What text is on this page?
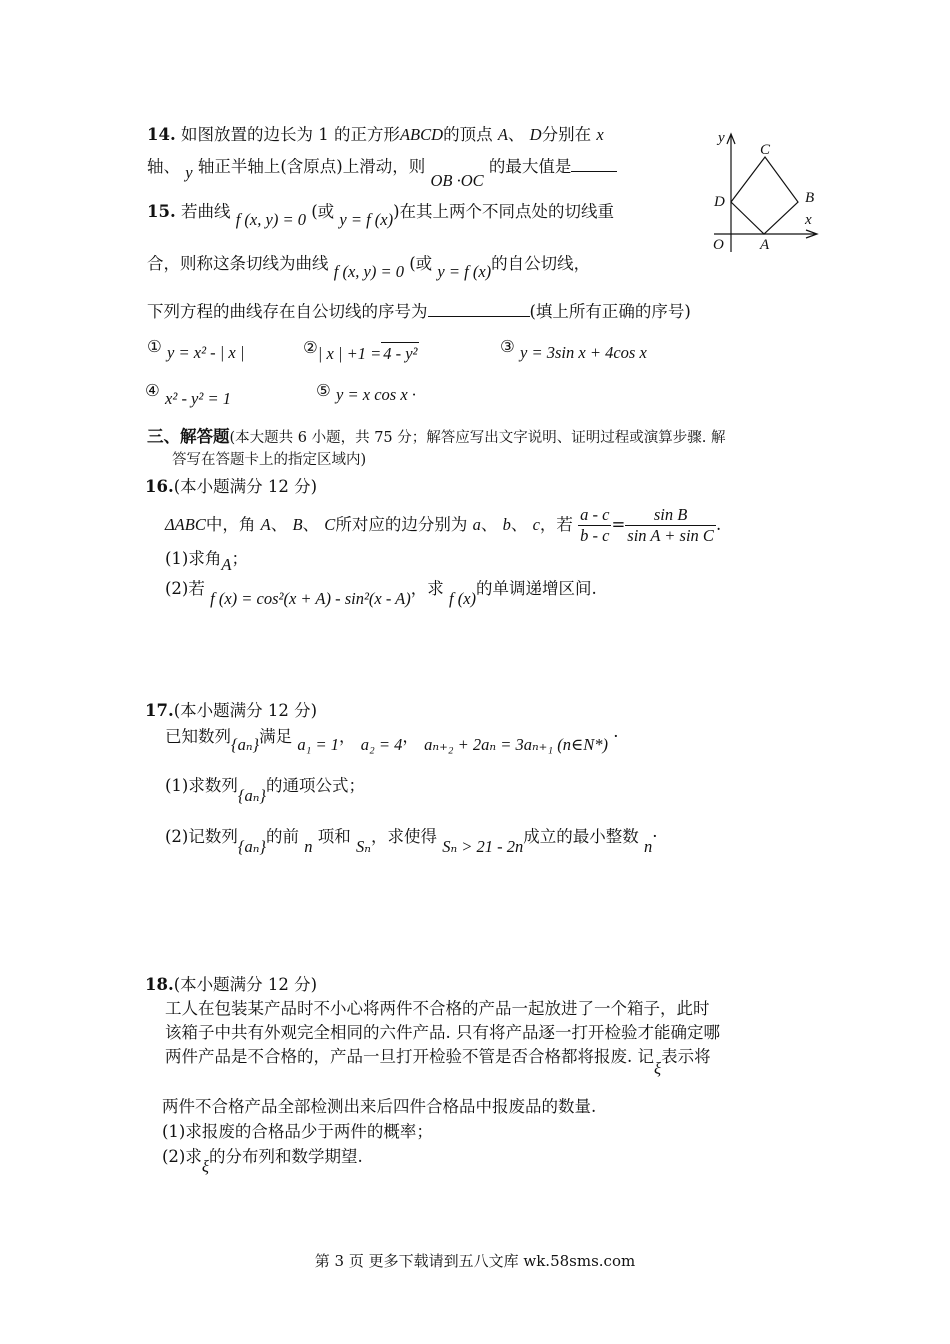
14. 如图放置的边长为 1 的正方形ABCD的顶点 A、 D分别在 x
轴、 y 轴正半轴上(含原点)上滑动，则 OB ·OC 的最大值是
y
C
B
x
D
O A
15. 若曲线 f (x, y) = 0 (或 y = f (x))在其上两个不同点处的切线重
合，则称这条切线为曲线 f (x, y) = 0 (或 y = f (x)的自公切线，
下列方程的曲线存在自公切线的序号为	(填上所有正确的序号)
① y = x² - | x |	②| x | +1 = 4 - y²	③ y = 3sin x + 4cos x
④ x² - y² = 1	⑤ y = x cos x ·
三、解答题(本大题共 6 小题，共 75 分；解答应写出文字说明、证明过程或演算步骤. 解
答写在答题卡上的指定区域内)
16.(本小题满分 12 分)
ΔABC中，角 A、 B、 C所对应的边分别为 a、 b、 c，若 $\frac{a - c}{b - c} = \frac{\text{sin B}}{\text{sin A + sin C}}$ .
(1)求角A；
(2)若 f (x) = cos²(x + A) - sin²(x - A)，求 f (x)的单调递增区间.
17.(本小题满分 12 分)
已知数列{aₙ}满足 a₁ = 1， a₂ = 4， aₙ₊₂ + 2aₙ = 3aₙ₊₁ (n∈N*) ·
(1)求数列{aₙ}的通项公式；
(2)记数列{aₙ}的前 n 项和 Sₙ，求使得 Sₙ > 21 - 2n成立的最小整数 n·
18.(本小题满分 12 分)
工人在包装某产品时不小心将两件不合格的产品一起放进了一个箱子，此时
该箱子中共有外观完全相同的六件产品. 只有将产品逐一打开检验才能确定哪
两件产品是不合格的，产品一旦打开检验不管是否合格都将报废. 记ξ表示将
两件不合格产品全部检测出来后四件合格品中报废品的数量.
(1)求报废的合格品少于两件的概率；
(2)求ξ的分布列和数学期望.
第 3 页 更多下载请到五八文库 wk.58sms.com
